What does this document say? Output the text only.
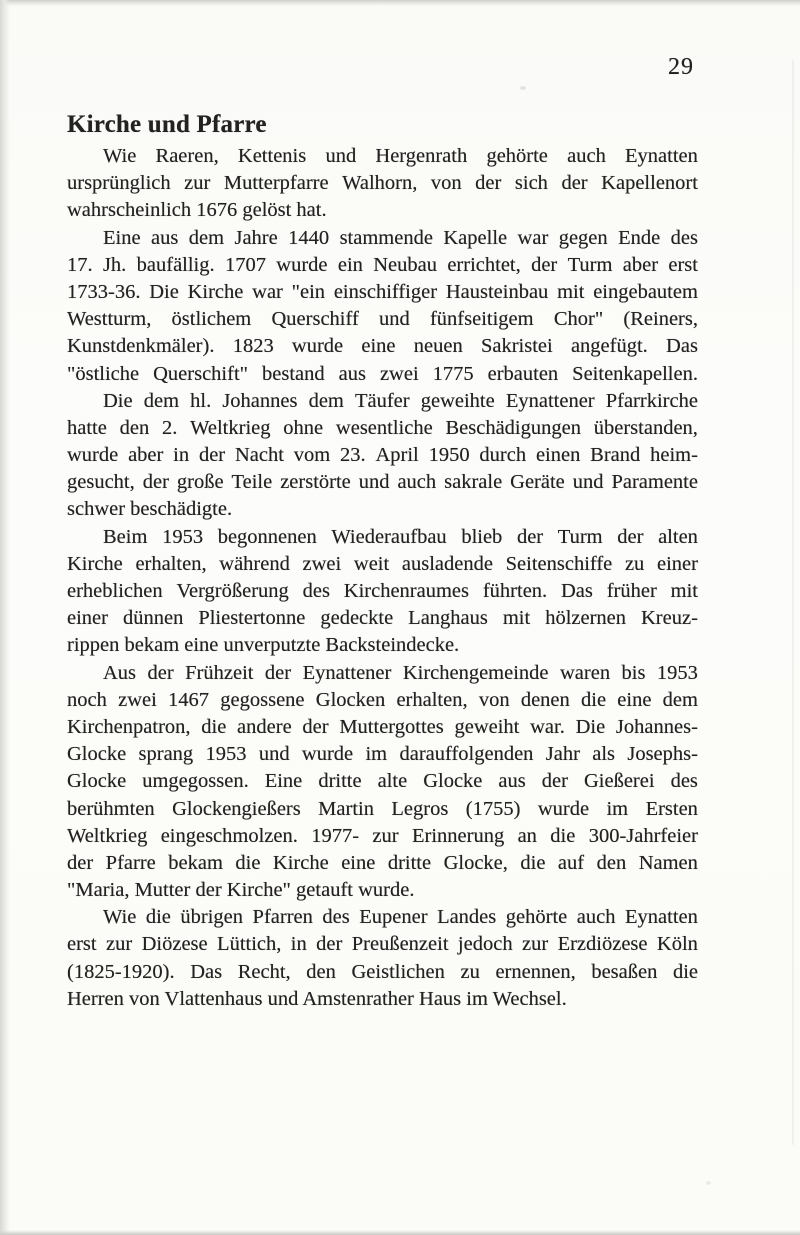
29
Kirche und Pfarre
Wie Raeren, Kettenis und Hergenrath gehörte auch Eynatten
ursprünglich zur Mutterpfarre Walhorn, von der sich der Kapellenort
wahrscheinlich 1676 gelöst hat.
Eine aus dem Jahre 1440 stammende Kapelle war gegen Ende des
17. Jh. baufällig. 1707 wurde ein Neubau errichtet, der Turm aber erst
1733-36. Die Kirche war "ein einschiffiger Hausteinbau mit eingebautem
Westturm, östlichem Querschiff und fünfseitigem Chor" (Reiners,
Kunstdenkmäler). 1823 wurde eine neuen Sakristei angefügt. Das
"östliche Querschift" bestand aus zwei 1775 erbauten Seitenkapellen.
Die dem hl. Johannes dem Täufer geweihte Eynattener Pfarrkirche
hatte den 2. Weltkrieg ohne wesentliche Beschädigungen überstanden,
wurde aber in der Nacht vom 23. April 1950 durch einen Brand heim-
gesucht, der große Teile zerstörte und auch sakrale Geräte und Paramente
schwer beschädigte.
Beim 1953 begonnenen Wiederaufbau blieb der Turm der alten
Kirche erhalten, während zwei weit ausladende Seitenschiffe zu einer
erheblichen Vergrößerung des Kirchenraumes führten. Das früher mit
einer dünnen Pliestertonne gedeckte Langhaus mit hölzernen Kreuz-
rippen bekam eine unverputzte Backsteindecke.
Aus der Frühzeit der Eynattener Kirchengemeinde waren bis 1953
noch zwei 1467 gegossene Glocken erhalten, von denen die eine dem
Kirchenpatron, die andere der Muttergottes geweiht war. Die Johannes-
Glocke sprang 1953 und wurde im darauffolgenden Jahr als Josephs-
Glocke umgegossen. Eine dritte alte Glocke aus der Gießerei des
berühmten Glockengießers Martin Legros (1755) wurde im Ersten
Weltkrieg eingeschmolzen. 1977- zur Erinnerung an die 300-Jahrfeier
der Pfarre bekam die Kirche eine dritte Glocke, die auf den Namen
"Maria, Mutter der Kirche" getauft wurde.
Wie die übrigen Pfarren des Eupener Landes gehörte auch Eynatten
erst zur Diözese Lüttich, in der Preußenzeit jedoch zur Erzdiözese Köln
(1825-1920). Das Recht, den Geistlichen zu ernennen, besaßen die
Herren von Vlattenhaus und Amstenrather Haus im Wechsel.
